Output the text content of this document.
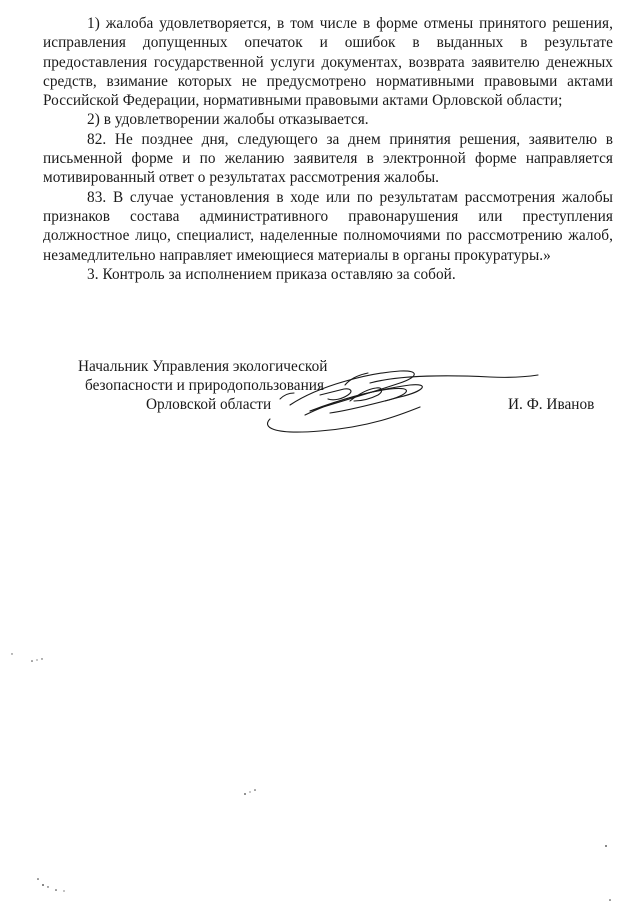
1) жалоба удовлетворяется, в том числе в форме отмены принятого решения, исправления допущенных опечаток и ошибок в выданных в результате предоставления государственной услуги документах, возврата заявителю денежных средств, взимание которых не предусмотрено нормативными правовыми актами Российской Федерации, нормативными правовыми актами Орловской области;

2) в удовлетворении жалобы отказывается.

82. Не позднее дня, следующего за днем принятия решения, заявителю в письменной форме и по желанию заявителя в электронной форме направляется мотивированный ответ о результатах рассмотрения жалобы.

83. В случае установления в ходе или по результатам рассмотрения жалобы признаков состава административного правонарушения или преступления должностное лицо, специалист, наделенные полномочиями по рассмотрению жалоб, незамедлительно направляет имеющиеся материалы в органы прокуратуры.»

3. Контроль за исполнением приказа оставляю за собой.

Начальник Управления экологической
безопасности и природопользования
Орловской области	И. Ф. Иванов
